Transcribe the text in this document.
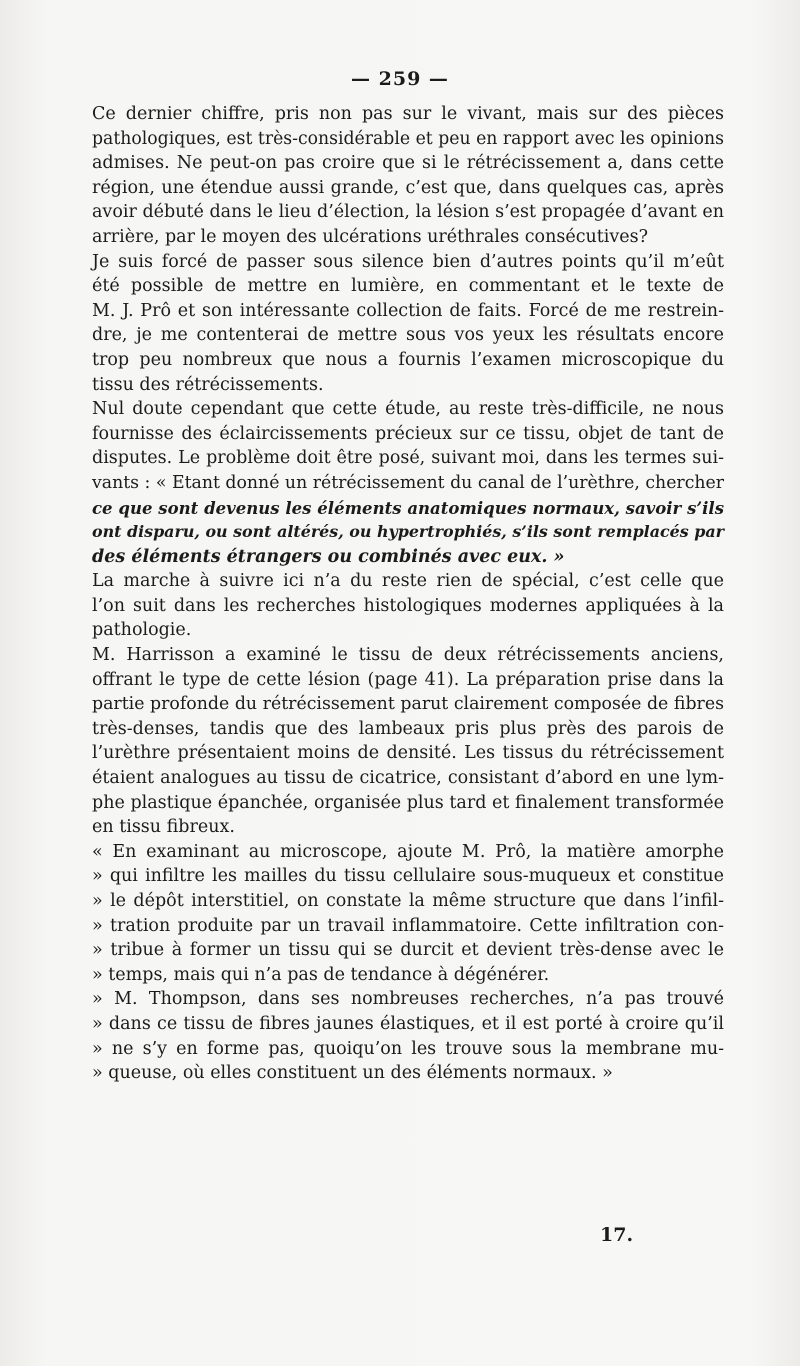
— 259 —

Ce dernier chiffre, pris non pas sur le vivant, mais sur des pièces
pathologiques, est très-considérable et peu en rapport avec les opinions
admises. Ne peut-on pas croire que si le rétrécissement a, dans cette
région, une étendue aussi grande, c’est que, dans quelques cas, après
avoir débuté dans le lieu d’élection, la lésion s’est propagée d’avant en
arrière, par le moyen des ulcérations uréthrales consécutives?

Je suis forcé de passer sous silence bien d’autres points qu’il m’eût
été possible de mettre en lumière, en commentant et le texte de
M. J. Prô et son intéressante collection de faits. Forcé de me restrein-
dre, je me contenterai de mettre sous vos yeux les résultats encore
trop peu nombreux que nous a fournis l’examen microscopique du
tissu des rétrécissements.

Nul doute cependant que cette étude, au reste très-difficile, ne nous
fournisse des éclaircissements précieux sur ce tissu, objet de tant de
disputes. Le problème doit être posé, suivant moi, dans les termes sui-
vants : « Etant donné un rétrécissement du canal de l’urèthre, chercher
ce que sont devenus les éléments anatomiques normaux, savoir s’ils
ont disparu, ou sont altérés, ou hypertrophiés, s’ils sont remplacés par
des éléments étrangers ou combinés avec eux. »

La marche à suivre ici n’a du reste rien de spécial, c’est celle que
l’on suit dans les recherches histologiques modernes appliquées à la
pathologie.

M. Harrisson a examiné le tissu de deux rétrécissements anciens,
offrant le type de cette lésion (page 41). La préparation prise dans la
partie profonde du rétrécissement parut clairement composée de fibres
très-denses, tandis que des lambeaux pris plus près des parois de
l’urèthre présentaient moins de densité. Les tissus du rétrécissement
étaient analogues au tissu de cicatrice, consistant d’abord en une lym-
phe plastique épanchée, organisée plus tard et finalement transformée
en tissu fibreux.

« En examinant au microscope, ajoute M. Prô, la matière amorphe
» qui infiltre les mailles du tissu cellulaire sous-muqueux et constitue
» le dépôt interstitiel, on constate la même structure que dans l’infil-
» tration produite par un travail inflammatoire. Cette infiltration con-
» tribue à former un tissu qui se durcit et devient très-dense avec le
» temps, mais qui n’a pas de tendance à dégénérer.

» M. Thompson, dans ses nombreuses recherches, n’a pas trouvé
» dans ce tissu de fibres jaunes élastiques, et il est porté à croire qu’il
» ne s’y en forme pas, quoiqu’on les trouve sous la membrane mu-
» queuse, où elles constituent un des éléments normaux. »

17.
